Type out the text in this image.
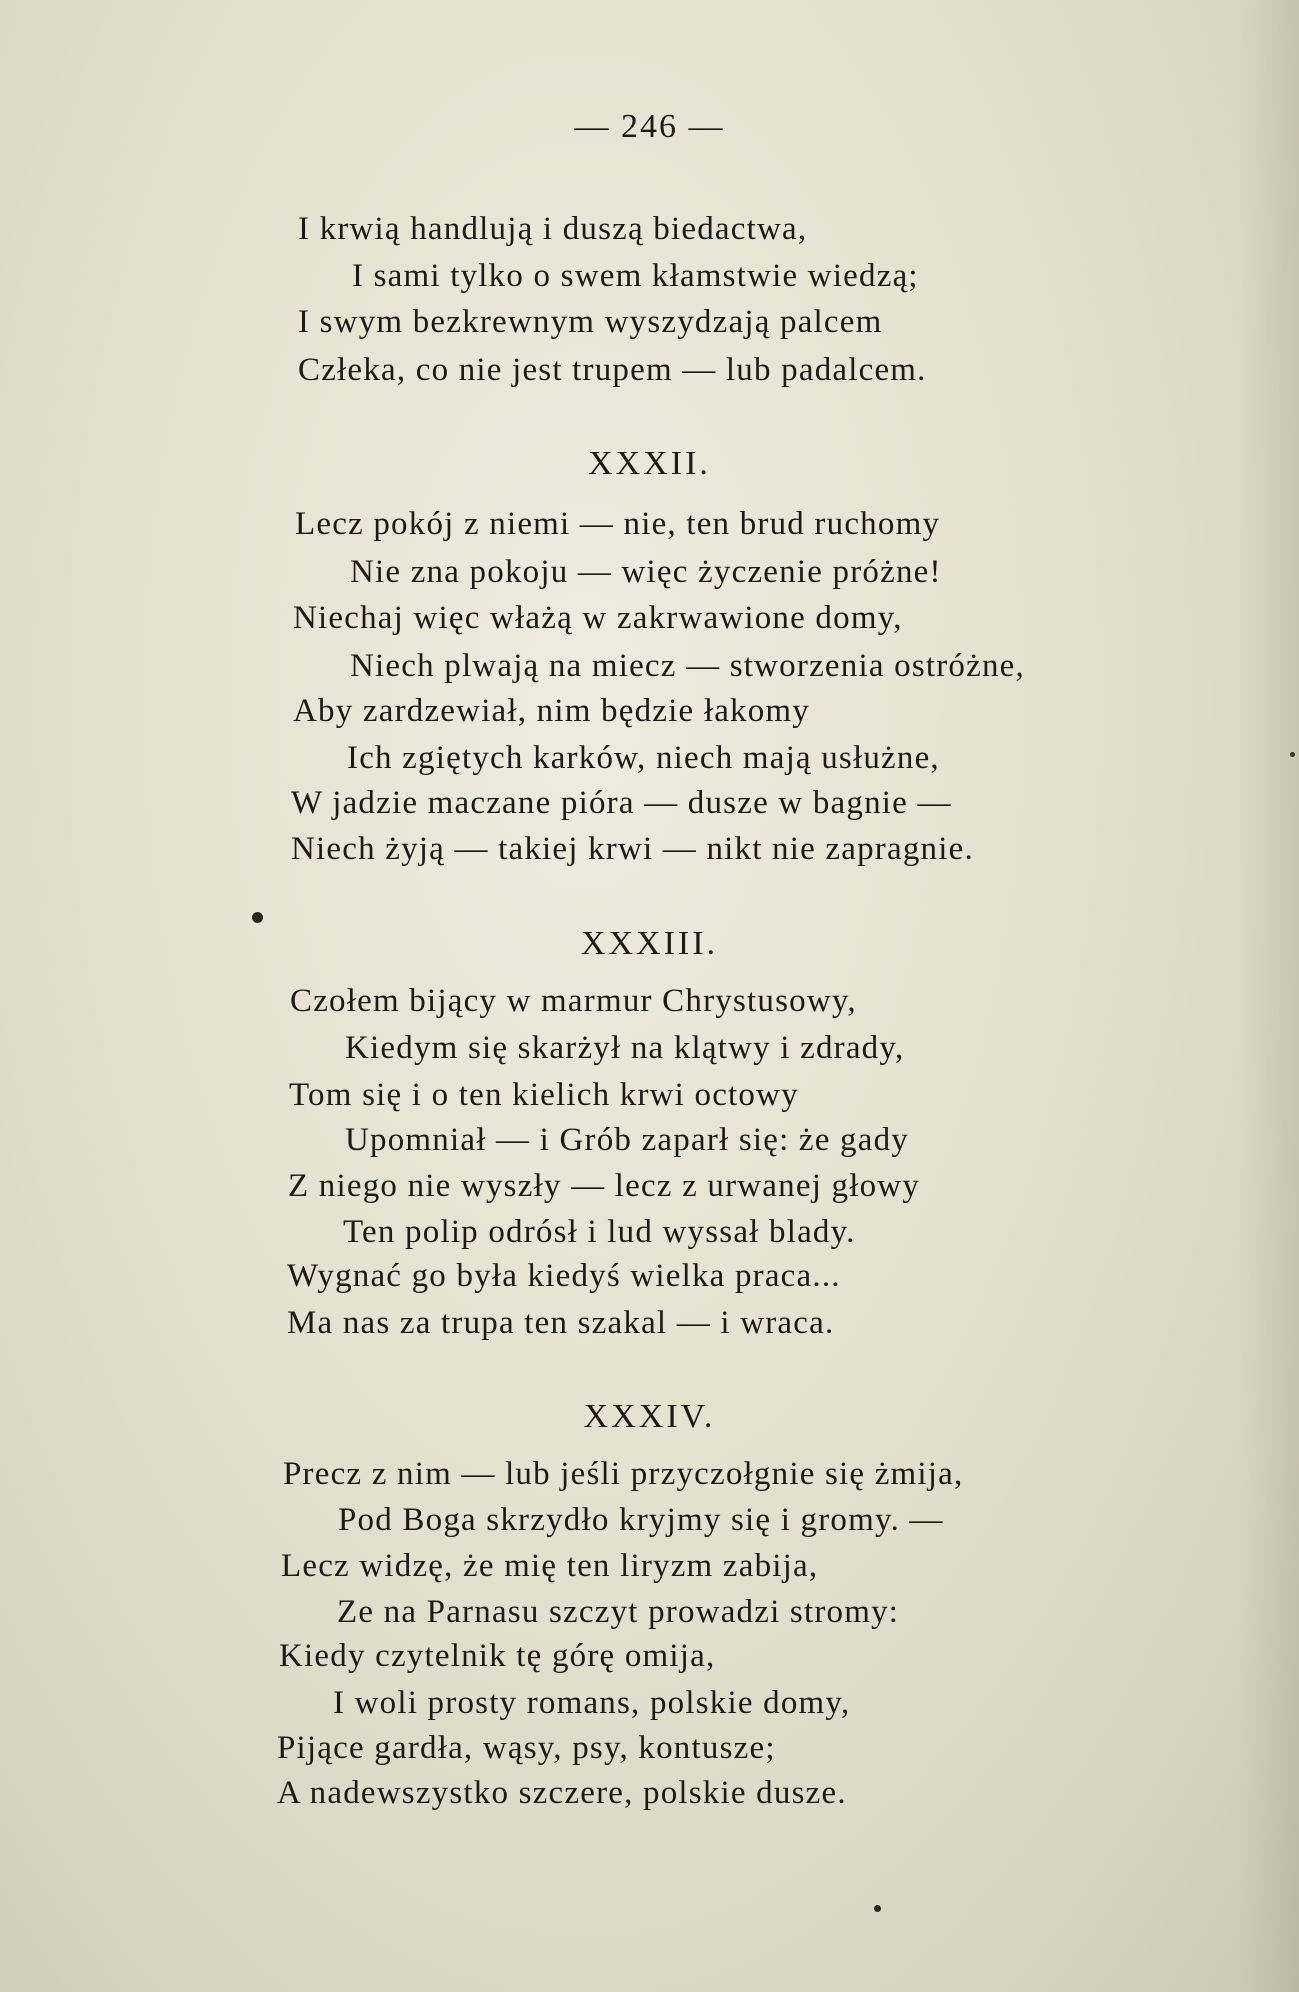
— 246 —
I krwią handlują i duszą biedactwa,
I sami tylko o swem kłamstwie wiedzą;
I swym bezkrewnym wyszydzają palcem
Człeka, co nie jest trupem — lub padalcem.
XXXII.
Lecz pokój z niemi — nie, ten brud ruchomy
Nie zna pokoju — więc życzenie próżne!
Niechaj więc włażą w zakrwawione domy,
Niech plwają na miecz — stworzenia ostróżne,
Aby zardzewiał, nim będzie łakomy
Ich zgiętych karków, niech mają usłużne,
W jadzie maczane pióra — dusze w bagnie —
Niech żyją — takiej krwi — nikt nie zapragnie.
XXXIII.
Czołem bijący w marmur Chrystusowy,
Kiedym się skarżył na klątwy i zdrady,
Tom się i o ten kielich krwi octowy
Upomniał — i Grób zaparł się: że gady
Z niego nie wyszły — lecz z urwanej głowy
Ten polip odrósł i lud wyssał blady.
Wygnać go była kiedyś wielka praca...
Ma nas za trupa ten szakal — i wraca.
XXXIV.
Precz z nim — lub jeśli przyczołgnie się żmija,
Pod Boga skrzydło kryjmy się i gromy. —
Lecz widzę, że mię ten liryzm zabija,
Ze na Parnasu szczyt prowadzi stromy:
Kiedy czytelnik tę górę omija,
I woli prosty romans, polskie domy,
Pijące gardła, wąsy, psy, kontusze;
A nadewszystko szczere, polskie dusze.
